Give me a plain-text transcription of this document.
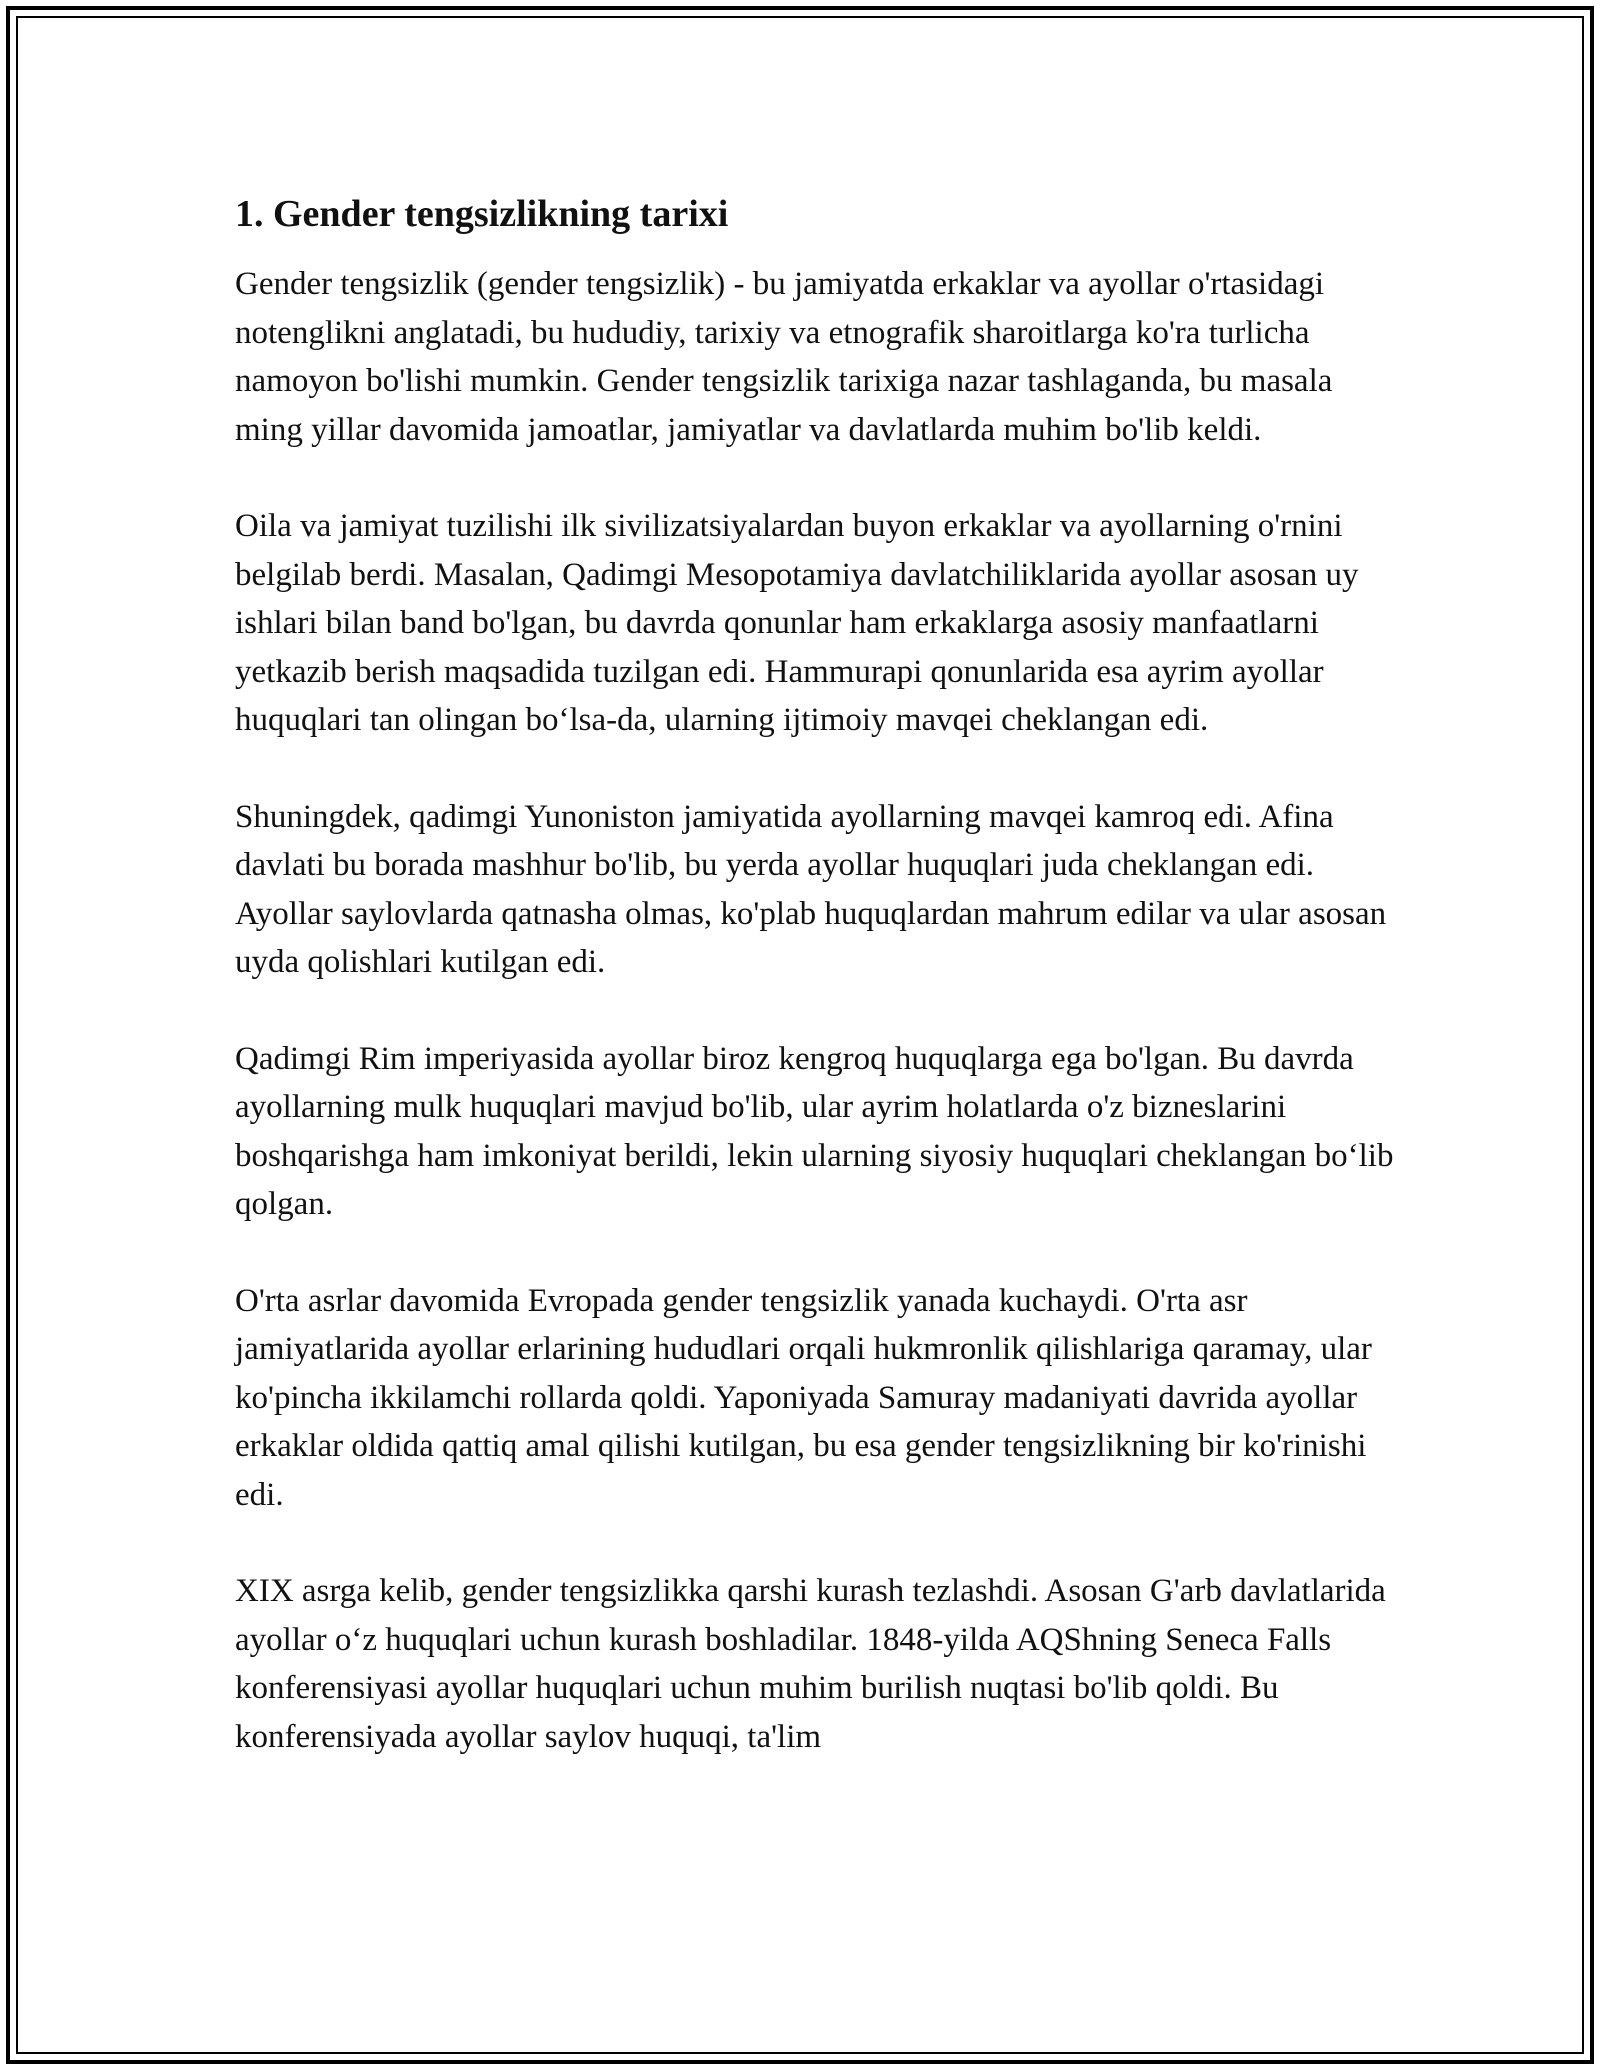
1. Gender tengsizlikning tarixi

Gender tengsizlik (gender tengsizlik) - bu jamiyatda erkaklar va ayollar o'rtasidagi notenglikni anglatadi, bu hududiy, tarixiy va etnografik sharoitlarga ko'ra turlicha namoyon bo'lishi mumkin. Gender tengsizlik tarixiga nazar tashlaganda, bu masala ming yillar davomida jamoatlar, jamiyatlar va davlatlarda muhim bo'lib keldi.

Oila va jamiyat tuzilishi ilk sivilizatsiyalardan buyon erkaklar va ayollarning o'rnini belgilab berdi. Masalan, Qadimgi Mesopotamiya davlatchiliklarida ayollar asosan uy ishlari bilan band bo'lgan, bu davrda qonunlar ham erkaklarga asosiy manfaatlarni yetkazib berish maqsadida tuzilgan edi. Hammurapi qonunlarida esa ayrim ayollar huquqlari tan olingan bo‘lsa-da, ularning ijtimoiy mavqei cheklangan edi.

Shuningdek, qadimgi Yunoniston jamiyatida ayollarning mavqei kamroq edi. Afina davlati bu borada mashhur bo'lib, bu yerda ayollar huquqlari juda cheklangan edi. Ayollar saylovlarda qatnasha olmas, ko'plab huquqlardan mahrum edilar va ular asosan uyda qolishlari kutilgan edi.

Qadimgi Rim imperiyasida ayollar biroz kengroq huquqlarga ega bo'lgan. Bu davrda ayollarning mulk huquqlari mavjud bo'lib, ular ayrim holatlarda o'z bizneslarini boshqarishga ham imkoniyat berildi, lekin ularning siyosiy huquqlari cheklangan bo‘lib qolgan.

O'rta asrlar davomida Evropada gender tengsizlik yanada kuchaydi. O'rta asr jamiyatlarida ayollar erlarining hududlari orqali hukmronlik qilishlariga qaramay, ular ko'pincha ikkilamchi rollarda qoldi. Yaponiyada Samuray madaniyati davrida ayollar erkaklar oldida qattiq amal qilishi kutilgan, bu esa gender tengsizlikning bir ko'rinishi edi.

XIX asrga kelib, gender tengsizlikka qarshi kurash tezlashdi. Asosan G'arb davlatlarida ayollar o‘z huquqlari uchun kurash boshladilar. 1848-yilda AQShning Seneca Falls konferensiyasi ayollar huquqlari uchun muhim burilish nuqtasi bo'lib qoldi. Bu konferensiyada ayollar saylov huquqi, ta'lim
